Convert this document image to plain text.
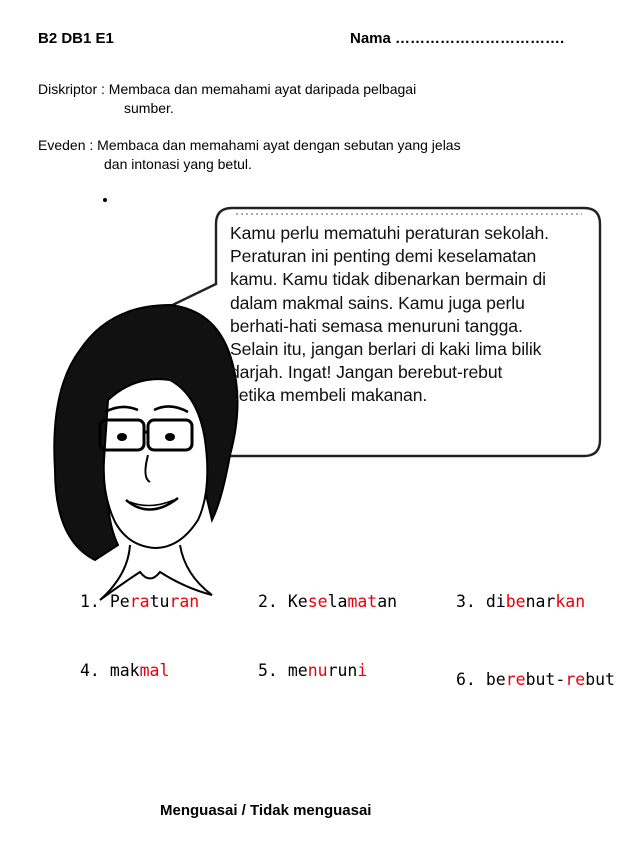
B2 DB1 E1	Nama …………………………….
Diskriptor : Membaca dan memahami ayat daripada pelbagai
sumber.
Eveden : Membaca dan memahami ayat dengan sebutan yang jelas
dan intonasi yang betul.
Kamu perlu mematuhi peraturan sekolah.
Peraturan ini penting demi keselamatan
kamu. Kamu tidak dibenarkan bermain di
dalam makmal sains. Kamu juga perlu
berhati-hati semasa menuruni tangga.
Selain itu, jangan berlari di kaki lima bilik
darjah. Ingat! Jangan berebut-rebut
ketika membeli makanan.
1. Peraturan	2. Keselamatan	3. dibenarkan
4. makmal	5. menuruni	6. berebut-rebut
Menguasai / Tidak menguasai
